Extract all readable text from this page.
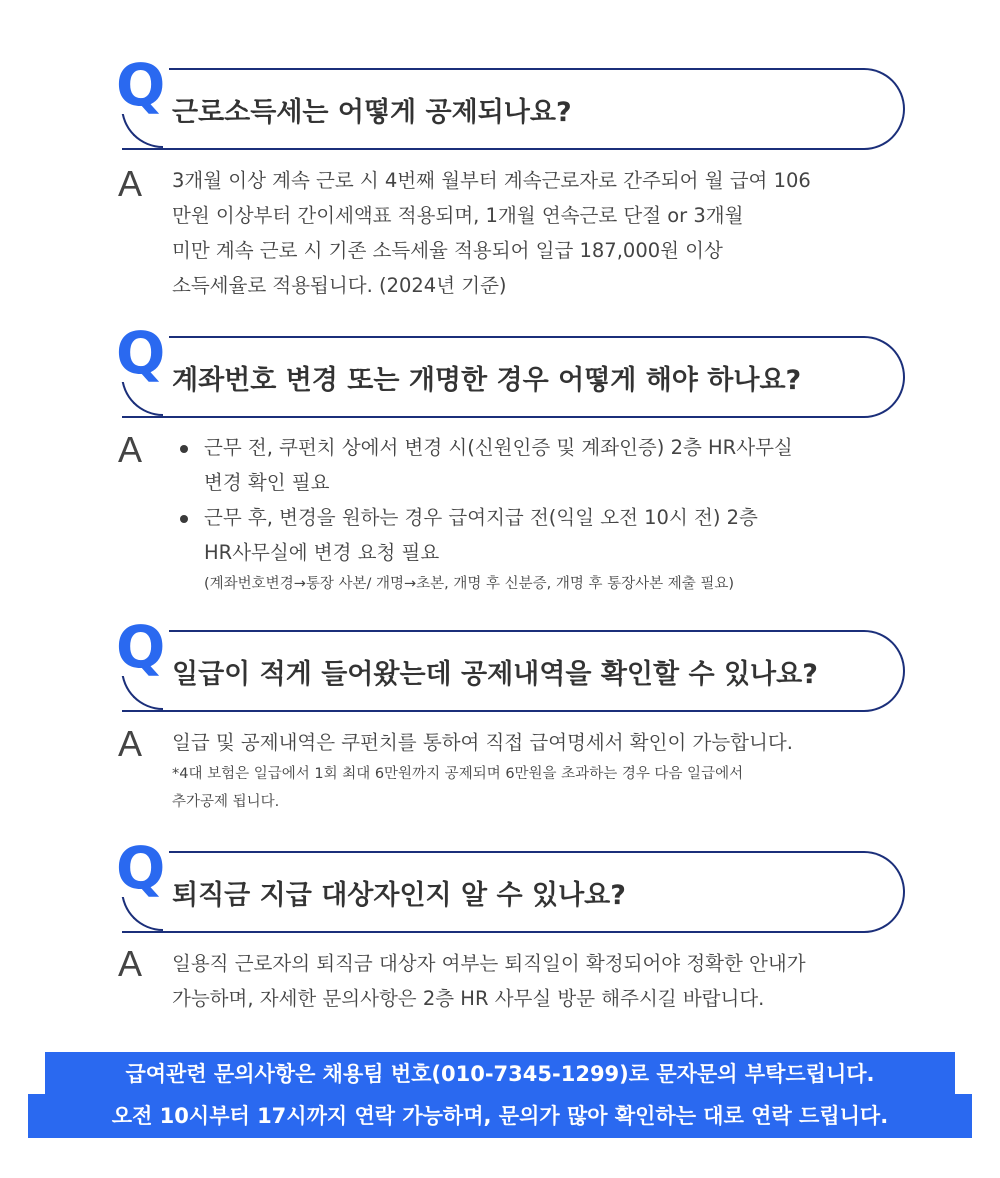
Q 근로소득세는 어떻게 공제되나요?
A 3개월 이상 계속 근로 시 4번째 월부터 계속근로자로 간주되어 월 급여 106
만원 이상부터 간이세액표 적용되며, 1개월 연속근로 단절 or 3개월
미만 계속 근로 시 기존 소득세율 적용되어 일급 187,000원 이상
소득세율로 적용됩니다. (2024년 기준)
Q 계좌번호 변경 또는 개명한 경우 어떻게 해야 하나요?
A	근무 전, 쿠펀치 상에서 변경 시(신원인증 및 계좌인증) 2층 HR사무실
변경 확인 필요
근무 후, 변경을 원하는 경우 급여지급 전(익일 오전 10시 전) 2층
HR사무실에 변경 요청 필요
(계좌번호변경→통장 사본/ 개명→초본, 개명 후 신분증, 개명 후 통장사본 제출 필요)
Q 일급이 적게 들어왔는데 공제내역을 확인할 수 있나요?
A 일급 및 공제내역은 쿠펀치를 통하여 직접 급여명세서 확인이 가능합니다.
*4대 보험은 일급에서 1회 최대 6만원까지 공제되며 6만원을 초과하는 경우 다음 일급에서
추가공제 됩니다.
Q 퇴직금 지급 대상자인지 알 수 있나요?
A 일용직 근로자의 퇴직금 대상자 여부는 퇴직일이 확정되어야 정확한 안내가
가능하며, 자세한 문의사항은 2층 HR 사무실 방문 해주시길 바랍니다.
급여관련 문의사항은 채용팀 번호(010-7345-1299)로 문자문의 부탁드립니다.
오전 10시부터 17시까지 연락 가능하며, 문의가 많아 확인하는 대로 연락 드립니다.
